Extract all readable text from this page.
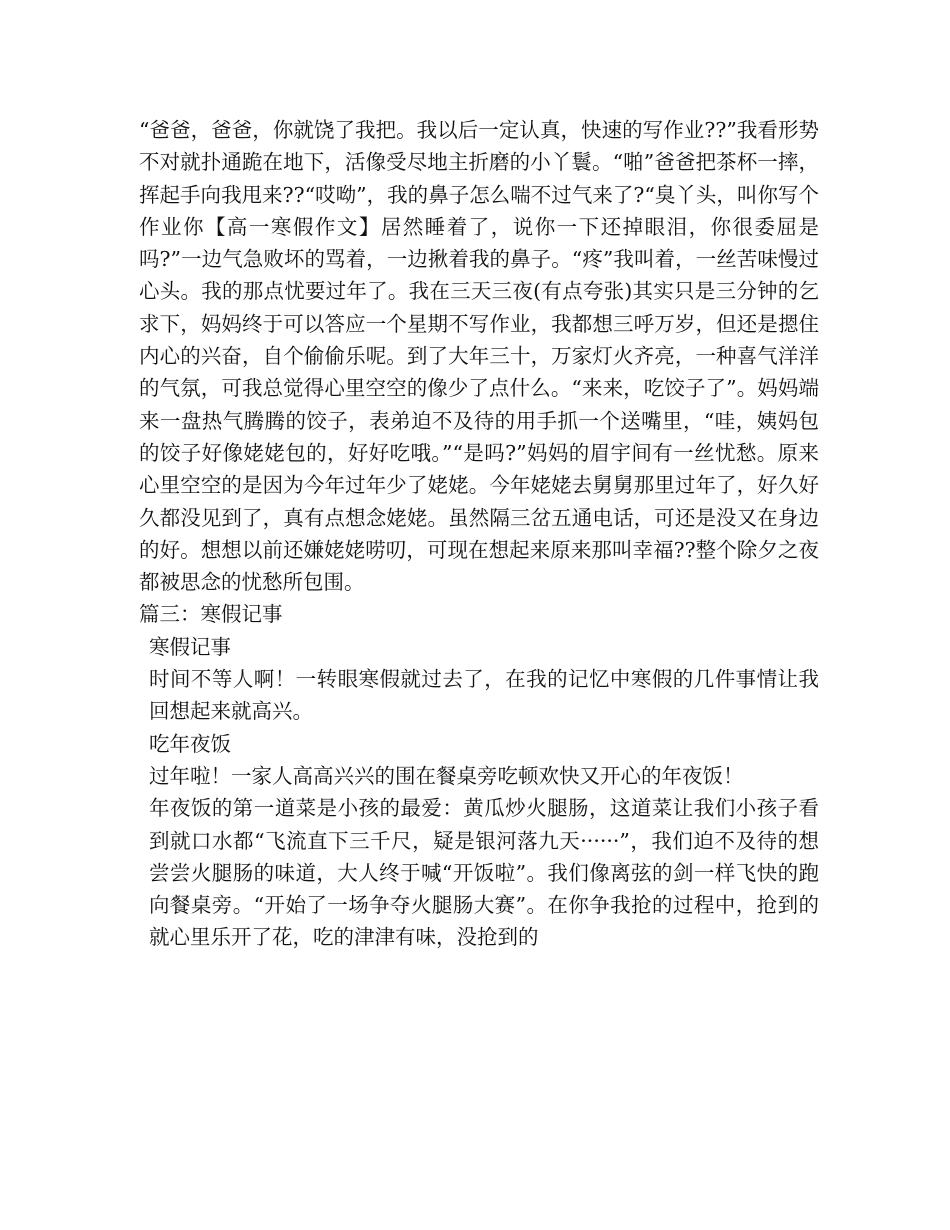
“爸爸，爸爸，你就饶了我把。我以后一定认真，快速的写作业??”我看形势不对就扑通跪在地下，活像受尽地主折磨的小丫鬟。“啪”爸爸把茶杯一摔，挥起手向我甩来??“哎呦”，我的鼻子怎么喘不过气来了?“臭丫头，叫你写个作业你【高一寒假作文】居然睡着了，说你一下还掉眼泪，你很委屈是吗?”一边气急败坏的骂着，一边揪着我的鼻子。“疼”我叫着，一丝苦味慢过心头。我的那点忧要过年了。我在三天三夜(有点夸张)其实只是三分钟的乞求下，妈妈终于可以答应一个星期不写作业，我都想三呼万岁，但还是摁住内心的兴奋，自个偷偷乐呢。到了大年三十，万家灯火齐亮，一种喜气洋洋的气氛，可我总觉得心里空空的像少了点什么。“来来，吃饺子了”。妈妈端来一盘热气腾腾的饺子，表弟迫不及待的用手抓一个送嘴里，“哇，姨妈包的饺子好像姥姥包的，好好吃哦。”“是吗?”妈妈的眉宇间有一丝忧愁。原来心里空空的是因为今年过年少了姥姥。今年姥姥去舅舅那里过年了，好久好久都没见到了，真有点想念姥姥。虽然隔三岔五通电话，可还是没又在身边的好。想想以前还嫌姥姥唠叨，可现在想起来原来那叫幸福??整个除夕之夜都被思念的忧愁所包围。

篇三：寒假记事

寒假记事

时间不等人啊！一转眼寒假就过去了，在我的记忆中寒假的几件事情让我回想起来就高兴。

吃年夜饭

过年啦！一家人高高兴兴的围在餐桌旁吃顿欢快又开心的年夜饭！

年夜饭的第一道菜是小孩的最爱：黄瓜炒火腿肠，这道菜让我们小孩子看到就口水都“飞流直下三千尺，疑是银河落九天······”，我们迫不及待的想尝尝火腿肠的味道，大人终于喊“开饭啦”。我们像离弦的剑一样飞快的跑向餐桌旁。“开始了一场争夺火腿肠大赛”。在你争我抢的过程中，抢到的就心里乐开了花，吃的津津有味，没抢到的
